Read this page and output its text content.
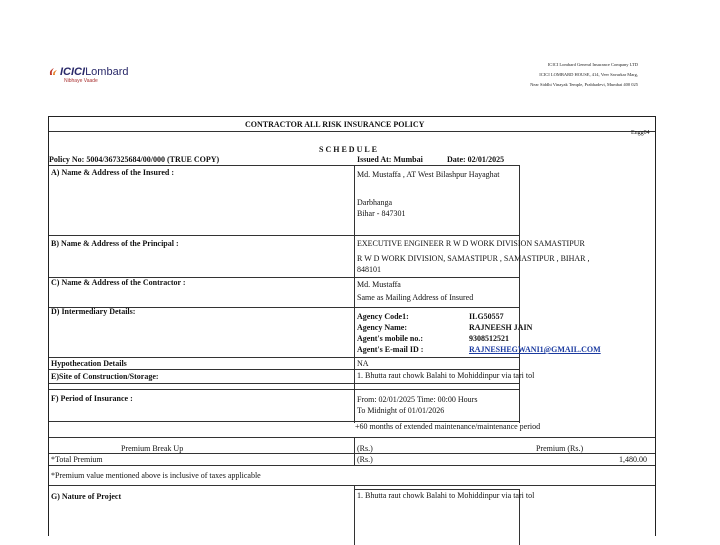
ICICILombard
Nibhaye Vaade
ICICI Lombard General Insurance Company LTD
ICICI LOMBARD HOUSE, 414, Veer Savarkar Marg,
Near Siddhi Vinayak Temple, Prabhadevi, Mumbai 400 025
CONTRACTOR ALL RISK INSURANCE POLICY
Engg04
SCHEDULE
Policy No: 5004/367325684/00/000 (TRUE COPY)	Issued At: Mumbai	Date: 02/01/2025
A) Name & Address of the Insured :	Md. Mustaffa , AT West Bilashpur Hayaghat
Darbhanga
Bihar - 847301
B) Name & Address of the Principal :	EXECUTIVE ENGINEER R W D WORK DIVISION SAMASTIPUR
R W D WORK DIVISION, SAMASTIPUR , SAMASTIPUR , BIHAR ,
848101
C) Name & Address of the Contractor :	Md. Mustaffa
Same as Mailing Address of Insured
D) Intermediary Details:
Agency Code1:	ILG50557
Agency Name:	RAJNEESH JAIN
Agent's mobile no.:	9308512521
Agent's E-mail ID :	RAJNESHEGWANI1@GMAIL.COM
Hypothecation Details	NA
E)Site of Construction/Storage:	1. Bhutta raut chowk Balahi to Mohiddinpur via tari tol
F) Period of Insurance :	From: 02/01/2025 Time: 00:00 Hours
To Midnight of 01/01/2026
+60 months of extended maintenance/maintenance period
Premium Break Up	(Rs.)	Premium (Rs.)
*Total Premium	(Rs.)	1,480.00
*Premium value mentioned above is inclusive of taxes applicable
G) Nature of Project	1. Bhutta raut chowk Balahi to Mohiddinpur via tari tol
